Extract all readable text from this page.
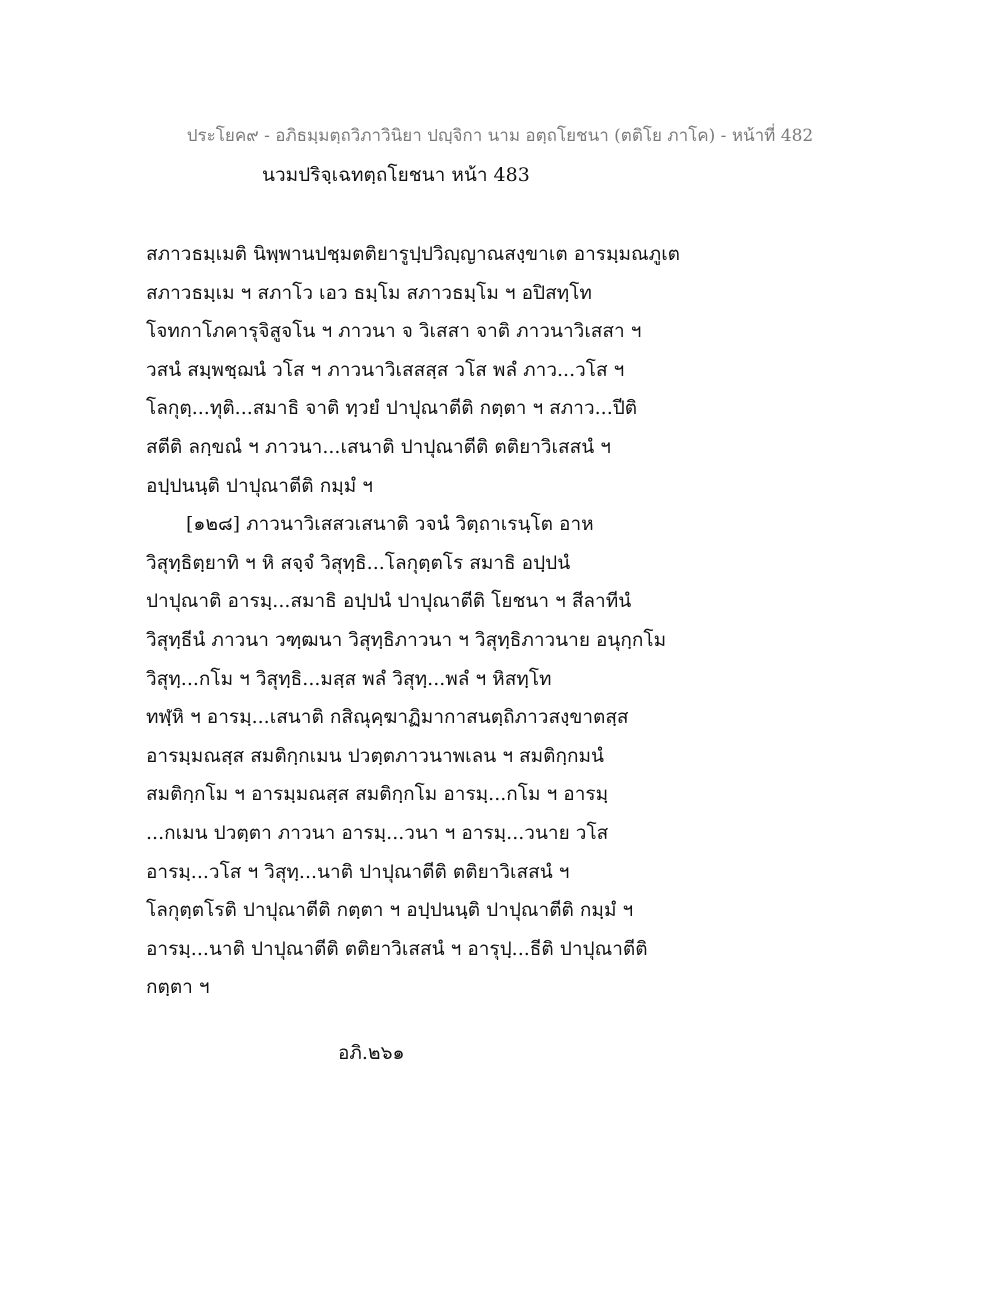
ประโยค๙ - อภิธมฺมตฺถวิภาวินิยา ปญฺจิกา นาม อตฺถโยชนา (ตติโย ภาโค) - หน้าที่ 482
นวมปริจฺเฉทตฺถโยชนา หน้า 483
สภาวธมฺเมติ นิพฺพานปชฺมตติยารูปฺปวิญฺญาณสงฺขาเต อารมฺมณภูเต
สภาวธมฺเม ฯ สภาโว เอว ธมฺโม สภาวธมฺโม ฯ อปิสทฺโท
โจทกาโภคารุจิสูจโน ฯ ภาวนา จ วิเสสา จาติ ภาวนาวิเสสา ฯ
วสนํ สมฺพชฺฌนํ วโส ฯ ภาวนาวิเสสสฺส วโส พลํ ภาว...วโส ฯ
โลกุตฺ...ทุติ...สมาธิ จาติ ทฺวยํ ปาปุณาตีติ กตฺตา ฯ สภาว...ปีติ
สตีติ ลกฺขณํ ฯ ภาวนา...เสนาติ ปาปุณาตีติ ตติยาวิเสสนํ ฯ
อปฺปนนฺติ ปาปุณาตีติ กมฺมํ ฯ
[๑๒๘] ภาวนาวิเสสวเสนาติ วจนํ วิตฺถาเรนฺโต อาห
วิสุทฺธิตฺยาทิ ฯ หิ สจฺจํ วิสุทฺธิ...โลกุตฺตโร สมาธิ อปฺปนํ
ปาปุณาติ อารมฺ...สมาธิ อปฺปนํ ปาปุณาตีติ โยชนา ฯ สีลาทีนํ
วิสุทฺธีนํ ภาวนา วฑฺฒนา วิสุทฺธิภาวนา ฯ วิสุทฺธิภาวนาย อนุกฺกโม
วิสุทฺ...กโม ฯ วิสุทฺธิ...มสฺส พลํ วิสุทฺ...พลํ ฯ หิสทฺโท
ทฬฺหิ ฯ อารมฺ...เสนาติ กสิณุคฺฆาฏิมากาสนตฺถิภาวสงฺขาตสฺส
อารมฺมณสฺส สมติกฺกเมน ปวตฺตภาวนาพเลน ฯ สมติกฺกมนํ
สมติกฺกโม ฯ อารมฺมณสฺส สมติกฺกโม อารมฺ...กโม ฯ อารมฺ
...กเมน ปวตฺตา ภาวนา อารมฺ...วนา ฯ อารมฺ...วนาย วโส
อารมฺ...วโส ฯ วิสุทฺ...นาติ ปาปุณาตีติ ตติยาวิเสสนํ ฯ
โลกุตฺตโรติ ปาปุณาตีติ กตฺตา ฯ อปฺปนนฺติ ปาปุณาตีติ กมฺมํ ฯ
อารมฺ...นาติ ปาปุณาตีติ ตติยาวิเสสนํ ฯ อารุปฺ...ธีติ ปาปุณาตีติ
กตฺตา ฯ
อภิ.๒๖๑
